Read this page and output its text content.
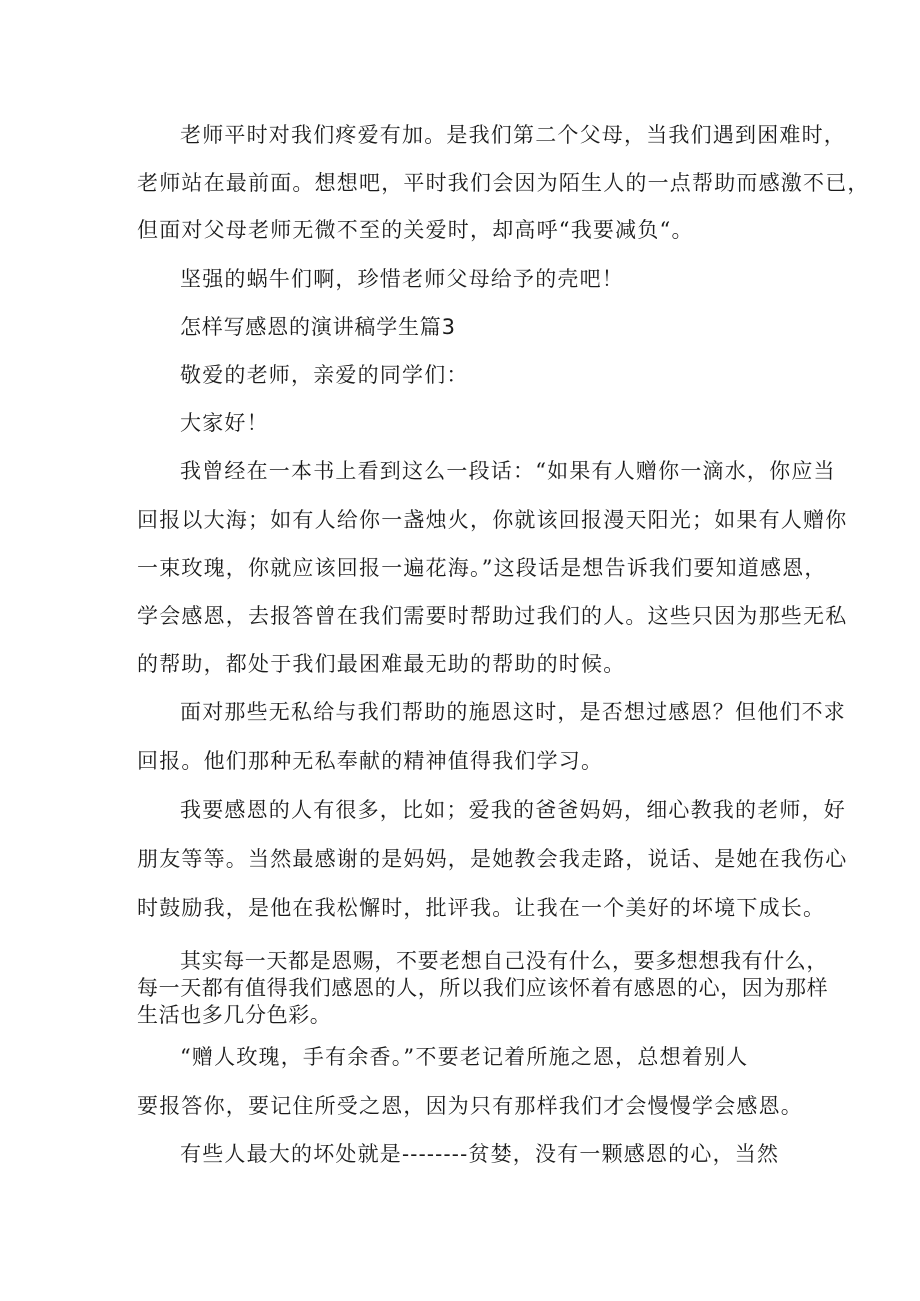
老师平时对我们疼爱有加。是我们第二个父母，当我们遇到困难时，
老师站在最前面。想想吧，平时我们会因为陌生人的一点帮助而感激不已，
但面对父母老师无微不至的关爱时，却高呼“我要减负“。
坚强的蜗牛们啊，珍惜老师父母给予的壳吧！
怎样写感恩的演讲稿学生篇3
敬爱的老师，亲爱的同学们：
大家好！
我曾经在一本书上看到这么一段话：“如果有人赠你一滴水，你应当
回报以大海；如有人给你一盏烛火，你就该回报漫天阳光；如果有人赠你
一束玫瑰，你就应该回报一遍花海。”这段话是想告诉我们要知道感恩，
学会感恩，去报答曾在我们需要时帮助过我们的人。这些只因为那些无私
的帮助，都处于我们最困难最无助的帮助的时候。
面对那些无私给与我们帮助的施恩这时，是否想过感恩？但他们不求
回报。他们那种无私奉献的精神值得我们学习。
我要感恩的人有很多，比如；爱我的爸爸妈妈，细心教我的老师，好
朋友等等。当然最感谢的是妈妈，是她教会我走路，说话、是她在我伤心
时鼓励我，是他在我松懈时，批评我。让我在一个美好的坏境下成长。
其实每一天都是恩赐，不要老想自己没有什么，要多想想我有什么，
每一天都有值得我们感恩的人，所以我们应该怀着有感恩的心，因为那样
生活也多几分色彩。
“赠人玫瑰，手有余香。”不要老记着所施之恩，总想着别人
要报答你，要记住所受之恩，因为只有那样我们才会慢慢学会感恩。
有些人最大的坏处就是--------贫婪，没有一颗感恩的心，当然
